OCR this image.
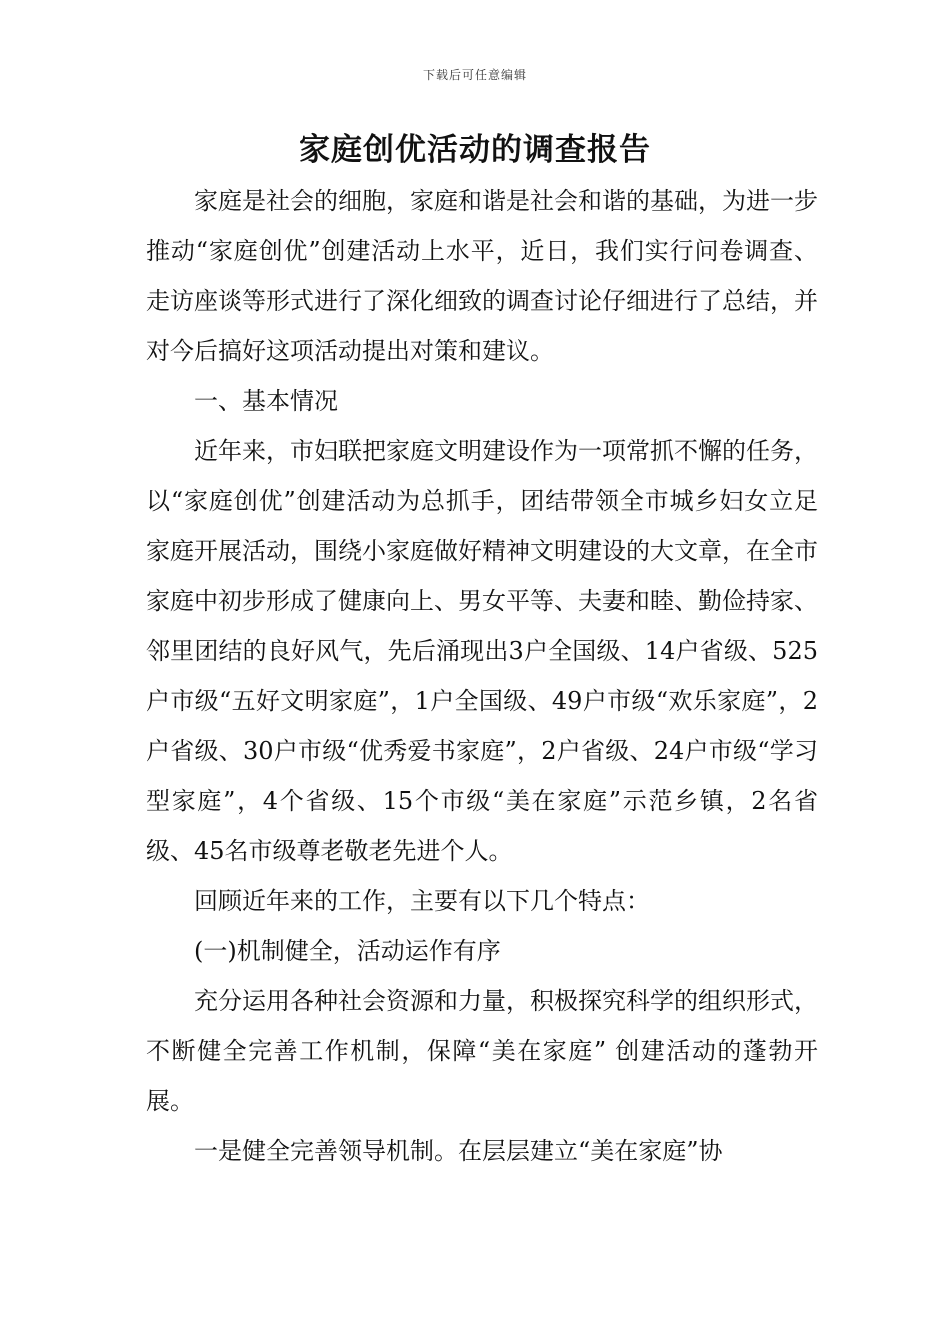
下载后可任意编辑
家庭创优活动的调查报告

家庭是社会的细胞，家庭和谐是社会和谐的基础，为进一步推动“家庭创优”创建活动上水平，近日，我们实行问卷调查、走访座谈等形式进行了深化细致的调查讨论仔细进行了总结，并对今后搞好这项活动提出对策和建议。

一、基本情况

近年来，市妇联把家庭文明建设作为一项常抓不懈的任务，以“家庭创优”创建活动为总抓手，团结带领全市城乡妇女立足家庭开展活动，围绕小家庭做好精神文明建设的大文章，在全市家庭中初步形成了健康向上、男女平等、夫妻和睦、勤俭持家、邻里团结的良好风气，先后涌现出3户全国级、14户省级、525户市级“五好文明家庭”，1户全国级、49户市级“欢乐家庭”，2户省级、30户市级“优秀爱书家庭”，2户省级、24户市级“学习型家庭”，4个省级、15个市级“美在家庭”示范乡镇，2名省级、45名市级尊老敬老先进个人。

回顾近年来的工作，主要有以下几个特点：

(一)机制健全，活动运作有序

充分运用各种社会资源和力量，积极探究科学的组织形式，不断健全完善工作机制，保障“美在家庭” 创建活动的蓬勃开展。

一是健全完善领导机制。在层层建立“美在家庭”协
